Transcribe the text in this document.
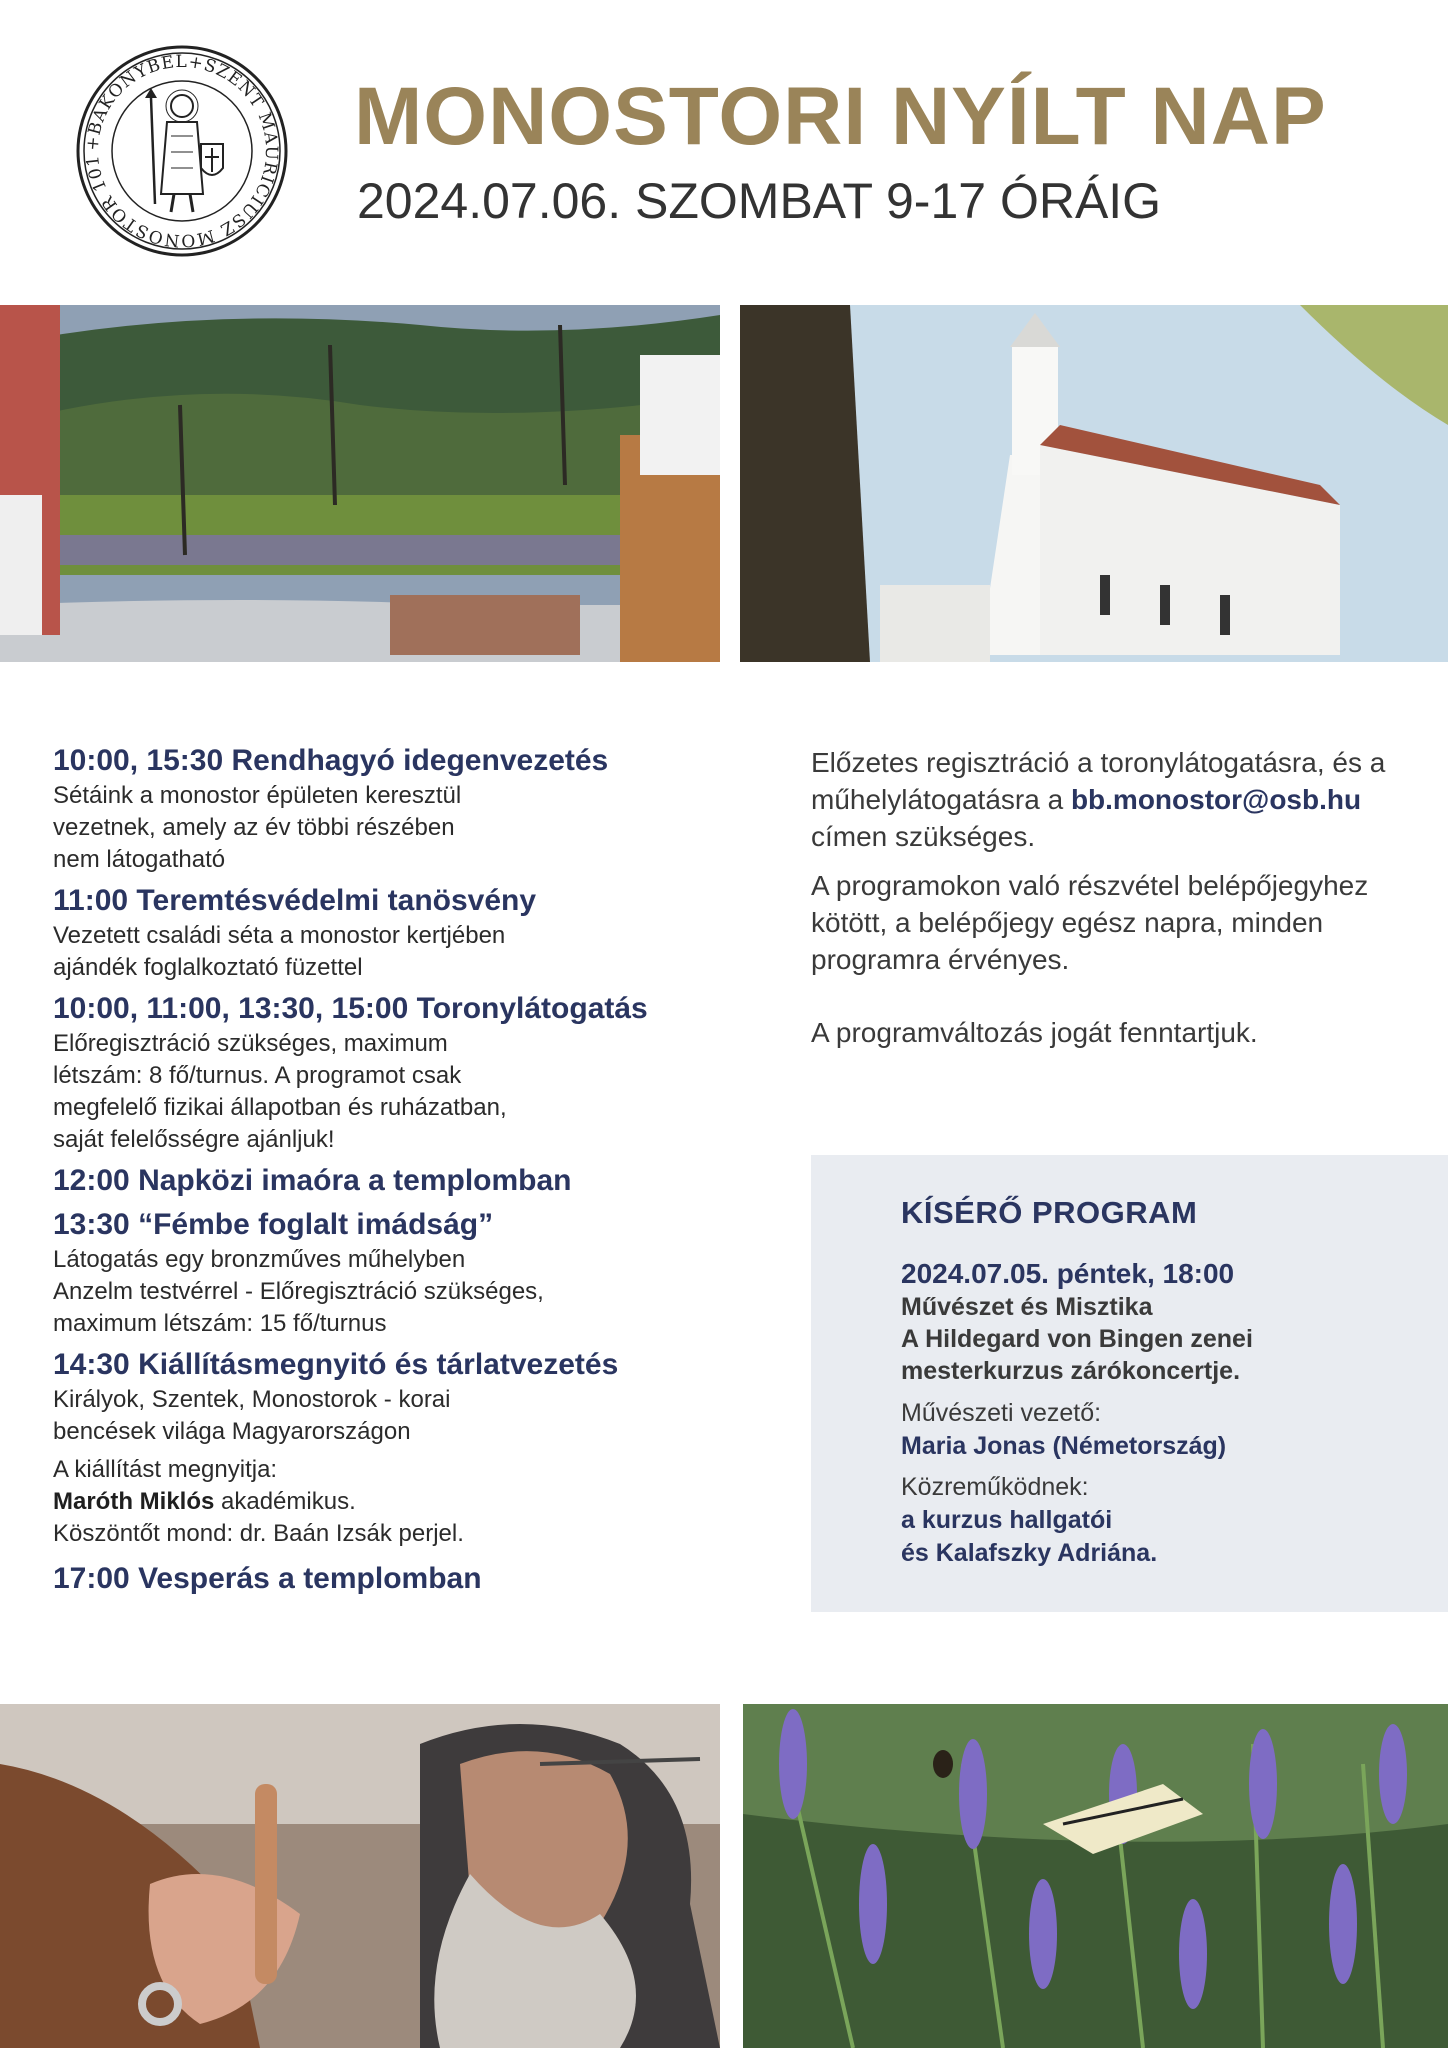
+BAKONYBEL+SZENT MAURICIUSZ MONOSTOR 101	MONOSTORI NYÍLT NAP
2024.07.06. SZOMBAT 9-17 ÓRÁIG

10:00, 15:30 Rendhagyó idegenvezetés

Sétáink a monostor épületen keresztül
vezetnek, amely az év többi részében
nem látogatható

11:00 Teremtésvédelmi tanösvény

Vezetett családi séta a monostor kertjében
ajándék foglalkoztató füzettel

10:00, 11:00, 13:30, 15:00 Toronylátogatás

Előregisztráció szükséges, maximum
létszám: 8 fő/turnus. A programot csak
megfelelő fizikai állapotban és ruházatban,
saját felelősségre ajánljuk!

12:00 Napközi imaóra a templomban

13:30 “Fémbe foglalt imádság”

Látogatás egy bronzműves műhelyben
Anzelm testvérrel - Előregisztráció szükséges,
maximum létszám: 15 fő/turnus

14:30 Kiállításmegnyitó és tárlatvezetés

Királyok, Szentek, Monostorok - korai
bencések világa Magyarországon

A kiállítást megnyitja:
Maróth Miklós akadémikus.
Köszöntőt mond: dr. Baán Izsák perjel.

17:00 Vesperás a templomban

Előzetes regisztráció a toronylátogatásra, és a műhelylátogatásra a bb.monostor@osb.hu címen szükséges.

A programokon való részvétel belépőjegyhez kötött, a belépőjegy egész napra, minden programra érvényes.

A programváltozás jogát fenntartjuk.

KÍSÉRŐ PROGRAM

2024.07.05. péntek, 18:00

Művészet és Misztika
A Hildegard von Bingen zenei
mesterkurzus zárókoncertje.

Művészeti vezető:

Maria Jonas (Németország)

Közreműködnek:

a kurzus hallgatói
és Kalafszky Adriána.
